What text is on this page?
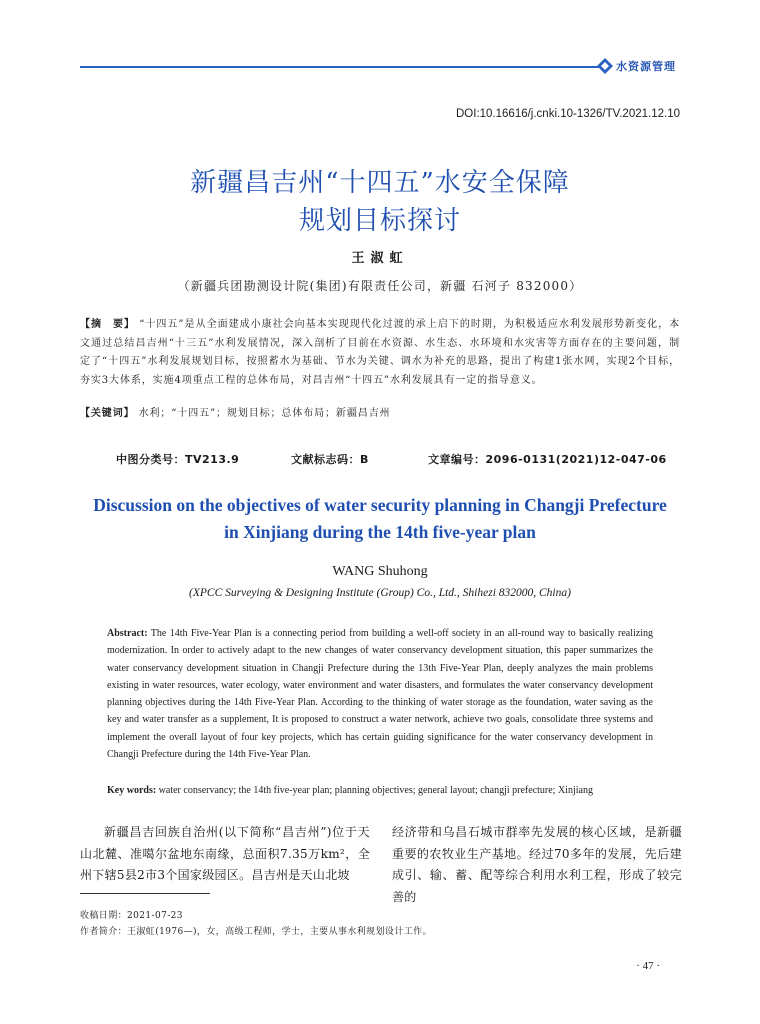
水资源管理
DOI:10.16616/j.cnki.10-1326/TV.2021.12.10
新疆昌吉州“十四五”水安全保障
规划目标探讨
王淑虹
（新疆兵团勘测设计院(集团)有限责任公司，新疆 石河子 832000）
【摘　要】 “十四五”是从全面建成小康社会向基本实现现代化过渡的承上启下的时期，为积极适应水利发展形势新变化，本文通过总结昌吉州“十三五”水利发展情况，深入剖析了目前在水资源、水生态、水环境和水灾害等方面存在的主要问题，制定了“十四五”水利发展规划目标，按照蓄水为基础、节水为关键、调水为补充的思路，提出了构建1张水网，实现2个目标，夯实3大体系，实施4项重点工程的总体布局，对昌吉州“十四五”水利发展具有一定的指导意义。
【关键词】 水利；“十四五”；规划目标；总体布局；新疆昌吉州
中图分类号：TV213.9	文献标志码：B	文章编号：2096-0131(2021)12-047-06
Discussion on the objectives of water security planning in Changji Prefecture in Xinjiang during the 14th five-year plan
WANG Shuhong
(XPCC Surveying & Designing Institute (Group) Co., Ltd., Shihezi 832000, China)
Abstract: The 14th Five-Year Plan is a connecting period from building a well-off society in an all-round way to basically realizing modernization. In order to actively adapt to the new changes of water conservancy development situation, this paper summarizes the water conservancy development situation in Changji Prefecture during the 13th Five-Year Plan, deeply analyzes the main problems existing in water resources, water ecology, water environment and water disasters, and formulates the water conservancy development planning objectives during the 14th Five-Year Plan. According to the thinking of water storage as the foundation, water saving as the key and water transfer as a supplement, It is proposed to construct a water network, achieve two goals, consolidate three systems and implement the overall layout of four key projects, which has certain guiding significance for the water conservancy development in Changji Prefecture during the 14th Five-Year Plan.
Key words: water conservancy; the 14th five-year plan; planning objectives; general layout; changji prefecture; Xinjiang
新疆昌吉回族自治州(以下简称“昌吉州”)位于天山北麓、准噶尔盆地东南缘，总面积7.35万km²，全州下辖5县2市3个国家级园区。昌吉州是天山北坡
经济带和乌昌石城市群率先发展的核心区域，是新疆重要的农牧业生产基地。经过70多年的发展，先后建成引、输、蓄、配等综合利用水利工程，形成了较完善的
收稿日期：2021-07-23
作者简介：王淑虹(1976—)，女，高级工程师，学士，主要从事水利规划设计工作。
· 47 ·
